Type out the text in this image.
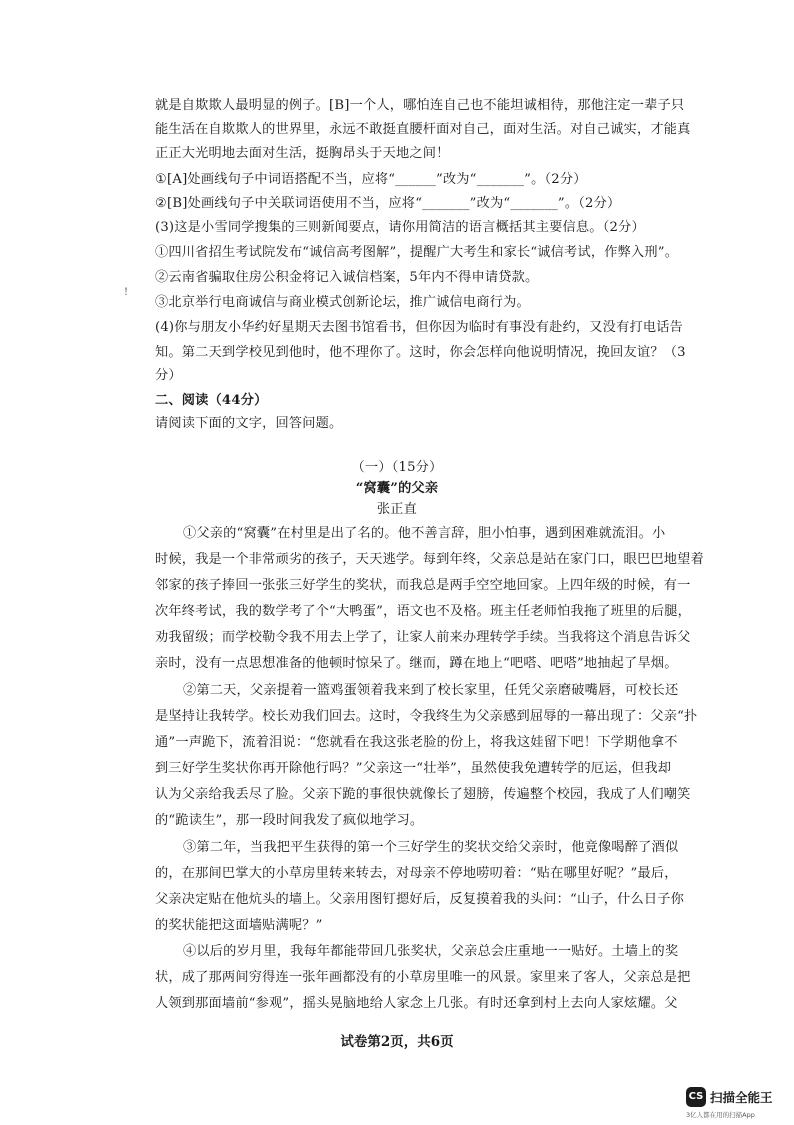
就是自欺欺人最明显的例子。[B]一个人，哪怕连自己也不能坦诚相待，那他注定一辈子只
能生活在自欺欺人的世界里，永远不敢挺直腰杆面对自己，面对生活。对自己诚实，才能真
正正大光明地去面对生活，挺胸昂头于天地之间！
①[A]处画线句子中词语搭配不当，应将“______”改为“_______”。（2分）
②[B]处画线句子中关联词语使用不当，应将“_______”改为“_______”。（2分）
(3)这是小雪同学搜集的三则新闻要点，请你用简洁的语言概括其主要信息。（2分）
①四川省招生考试院发布“诚信高考图解”，提醒广大考生和家长“诚信考试，作弊入刑”。
②云南省骗取住房公积金将记入诚信档案，5年内不得申请贷款。
③北京举行电商诚信与商业模式创新论坛，推广诚信电商行为。
(4)你与朋友小华约好星期天去图书馆看书，但你因为临时有事没有赴约，又没有打电话告
知。第二天到学校见到他时，他不理你了。这时，你会怎样向他说明情况，挽回友谊？（3
分）
二、阅读（44分）
请阅读下面的文字，回答问题。
（一）（15分）
“窝囊”的父亲
张正直
①父亲的“窝囊”在村里是出了名的。他不善言辞，胆小怕事，遇到困难就流泪。小
时候，我是一个非常顽劣的孩子，天天逃学。每到年终，父亲总是站在家门口，眼巴巴地望着
邻家的孩子捧回一张张三好学生的奖状，而我总是两手空空地回家。上四年级的时候，有一
次年终考试，我的数学考了个“大鸭蛋”，语文也不及格。班主任老师怕我拖了班里的后腿，
劝我留级；而学校勒令我不用去上学了，让家人前来办理转学手续。当我将这个消息告诉父
亲时，没有一点思想准备的他顿时惊呆了。继而，蹲在地上“吧嗒、吧嗒”地抽起了旱烟。
②第二天，父亲提着一篮鸡蛋领着我来到了校长家里，任凭父亲磨破嘴唇，可校长还
是坚持让我转学。校长劝我们回去。这时，令我终生为父亲感到屈辱的一幕出现了：父亲“扑
通”一声跪下，流着泪说：“您就看在我这张老脸的份上，将我这娃留下吧！下学期他拿不
到三好学生奖状你再开除他行吗？”父亲这一“壮举”，虽然使我免遭转学的厄运，但我却
认为父亲给我丢尽了脸。父亲下跪的事很快就像长了翅膀，传遍整个校园，我成了人们嘲笑
的“跪读生”，那一段时间我发了疯似地学习。
③第二年，当我把平生获得的第一个三好学生的奖状交给父亲时，他竟像喝醉了酒似
的，在那间巴掌大的小草房里转来转去，对母亲不停地唠叨着：“贴在哪里好呢？”最后，
父亲决定贴在他炕头的墙上。父亲用图钉摁好后，反复摸着我的头问：“山子，什么日子你
的奖状能把这面墙贴满呢？”
④以后的岁月里，我每年都能带回几张奖状，父亲总会庄重地一一贴好。土墙上的奖
状，成了那两间穷得连一张年画都没有的小草房里唯一的风景。家里来了客人，父亲总是把
人领到那面墙前“参观”，摇头晃脑地给人家念上几张。有时还拿到村上去向人家炫耀。父
!
试卷第2页，共6页
CS 扫描全能王
3亿人都在用的扫描App
